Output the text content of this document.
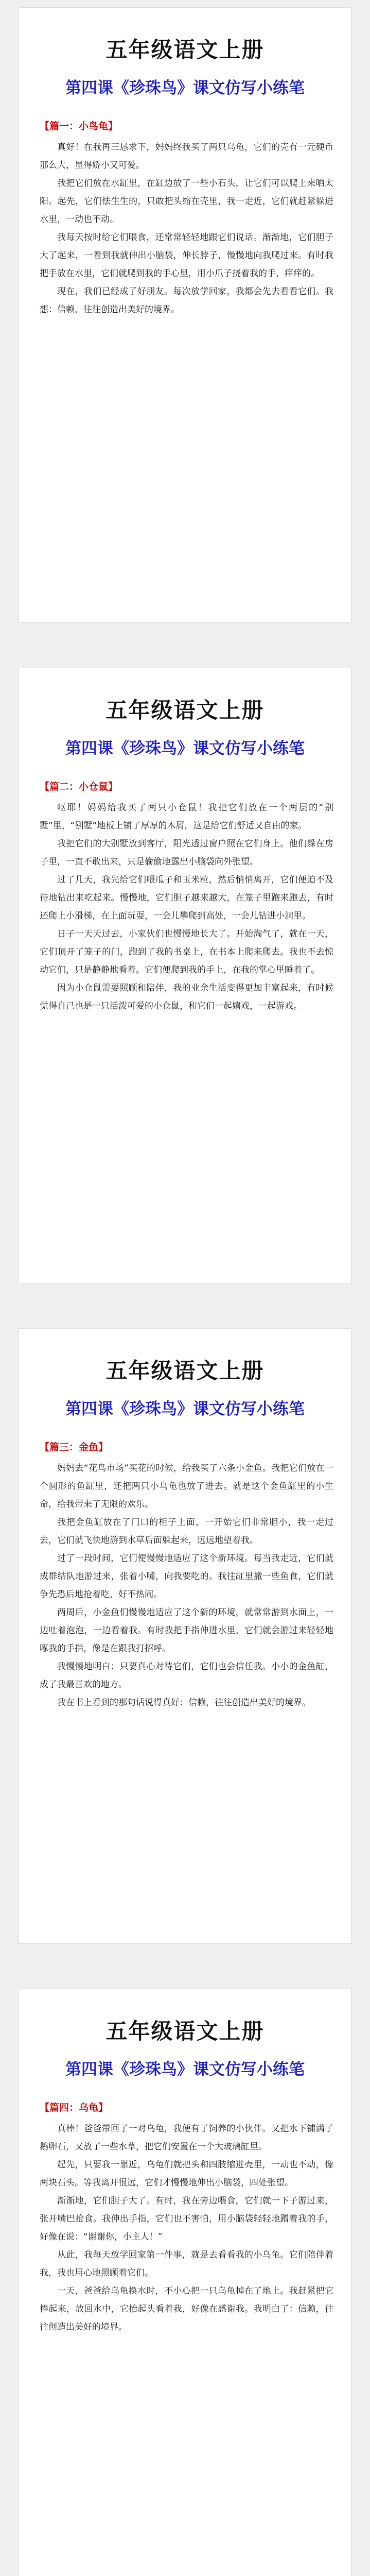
五年级语文上册
第四课《珍珠鸟》课文仿写小练笔
【篇一：小鸟龟】

真好！在我再三恳求下，妈妈终我买了两只乌龟，它们的壳有一元硬币那么大，显得娇小又可爱。

我把它们放在水缸里，在缸边放了一些小石头，让它们可以爬上来晒太阳。起先，它们怯生生的，只敢把头缩在壳里，我一走近，它们就赶紧躲进水里，一动也不动。

我每天按时给它们喂食，还常常轻轻地跟它们说话。渐渐地，它们胆子大了起来，一看到我就伸出小脑袋，伸长脖子，慢慢地向我爬过来。有时我把手放在水里，它们就爬到我的手心里，用小爪子挠着我的手，痒痒的。

现在，我们已经成了好朋友。每次放学回家，我都会先去看看它们。我想：信赖，往往创造出美好的境界。

五年级语文上册
第四课《珍珠鸟》课文仿写小练笔
【篇二：小仓鼠】

呕耶！妈妈给我买了两只小仓鼠！我把它们放在一个两层的“别墅”里，“别墅”地板上铺了厚厚的木屑，这是给它们舒适又自由的家。

我把它们的大别墅放到客厅，阳光透过窗户照在它们身上。他们躲在房子里，一直不敢出来，只是偷偷地露出小脑袋向外张望。

过了几天，我先给它们喂瓜子和玉米粒，然后悄悄离开，它们便迫不及待地钻出来吃起来。慢慢地，它们胆子越来越大，在笼子里跑来跑去，有时还爬上小滑梯，在上面玩耍，一会儿攀爬到高处，一会儿钻进小洞里。

日子一天天过去，小家伙们也慢慢地长大了。开始淘气了，就在一天，它们顶开了笼子的门，跑到了我的书桌上，在书本上爬来爬去。我也不去惊动它们，只是静静地看着。它们便爬到我的手上，在我的掌心里睡着了。

因为小仓鼠需要照顾和陪伴，我的业余生活变得更加丰富起来，有时候觉得自己也是一只活泼可爱的小仓鼠，和它们一起嬉戏，一起游戏。

五年级语文上册
第四课《珍珠鸟》课文仿写小练笔
【篇三：金鱼】

妈妈去“花鸟市场”买花的时候，给我买了六条小金鱼。我把它们放在一个圆形的鱼缸里，还把两只小乌龟也放了进去。就是这个金鱼缸里的小生命，给我带来了无限的欢乐。

我把金鱼缸放在了门口的柜子上面，一开始它们非常胆小，我一走过去，它们就飞快地游到水草后面躲起来，远远地望着我。

过了一段时间，它们便慢慢地适应了这个新环境。每当我走近，它们就成群结队地游过来，张着小嘴，向我要吃的。我往缸里撒一些鱼食，它们就争先恐后地抢着吃，好不热闹。

两周后，小金鱼们慢慢地适应了这个新的环境，就常常游到水面上，一边吐着泡泡，一边看着我。有时我把手指伸进水里，它们就会游过来轻轻地啄我的手指，像是在跟我打招呼。

我慢慢地明白：只要真心对待它们，它们也会信任我。小小的金鱼缸，成了我最喜欢的地方。

我在书上看到的那句话说得真好：信赖，往往创造出美好的境界。

五年级语文上册
第四课《珍珠鸟》课文仿写小练笔
【篇四：乌龟】

真棒！爸爸带回了一对乌龟，我便有了饲养的小伙伴。又把水下铺满了鹅卵石，又放了一些水草，把它们安置在一个大玻璃缸里。

起先，只要我一靠近，乌龟们就把头和四肢缩进壳里，一动也不动，像两块石头。等我离开很远，它们才慢慢地伸出小脑袋，四处张望。

渐渐地，它们胆子大了。有时，我在旁边喂食，它们就一下子游过来，张开嘴巴抢食。我伸出手指，它们也不害怕，用小脑袋轻轻地蹭着我的手，好像在说：“谢谢你，小主人！”

从此，我每天放学回家第一件事，就是去看看我的小乌龟。它们陪伴着我，我也用心地照顾着它们。

一天，爸爸给乌龟换水时，不小心把一只乌龟掉在了地上。我赶紧把它捧起来，放回水中，它抬起头看着我，好像在感谢我。我明白了：信赖，往往创造出美好的境界。
